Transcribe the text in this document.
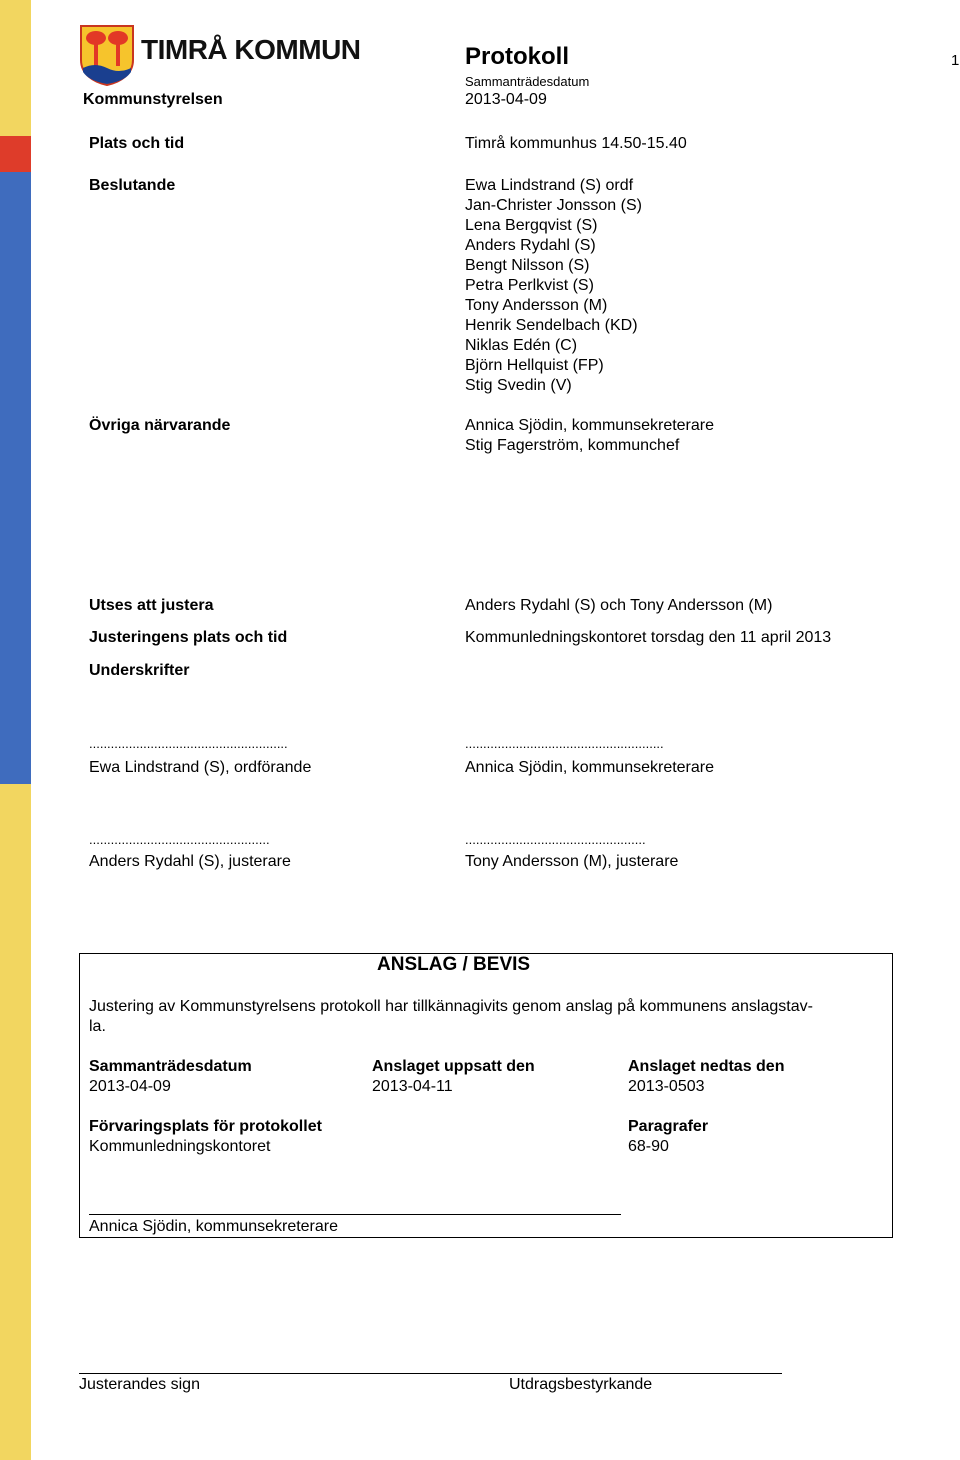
TIMRÅ KOMMUN
Kommunstyrelsen
Protokoll
Sammanträdesdatum
2013-04-09
1
Plats och tid	Timrå kommunhus 14.50-15.40
Beslutande	Ewa Lindstrand (S) ordf
Jan-Christer Jonsson (S)
Lena Bergqvist (S)
Anders Rydahl (S)
Bengt Nilsson (S)
Petra Perlkvist (S)
Tony Andersson (M)
Henrik Sendelbach (KD)
Niklas Edén (C)
Björn Hellquist (FP)
Stig Svedin (V)
Övriga närvarande	Annica Sjödin, kommunsekreterare
Stig Fagerström, kommunchef
Utses att justera	Anders Rydahl (S) och Tony Andersson (M)
Justeringens plats och tid	Kommunledningskontoret torsdag den 11 april 2013
Underskrifter
.......................................................	.......................................................
Ewa Lindstrand (S), ordförande	Annica Sjödin, kommunsekreterare
..................................................	..................................................
Anders Rydahl (S), justerare	Tony Andersson (M), justerare
ANSLAG / BEVIS
Justering av Kommunstyrelsens protokoll har tillkännagivits genom anslag på kommunens anslagstav-
la.
Sammanträdesdatum
2013-04-09
Anslaget uppsatt den
2013-04-11
Anslaget nedtas den
2013-0503
Förvaringsplats för protokollet
Kommunledningskontoret
Paragrafer
68-90
Annica Sjödin, kommunsekreterare
Justerandes sign	Utdragsbestyrkande
